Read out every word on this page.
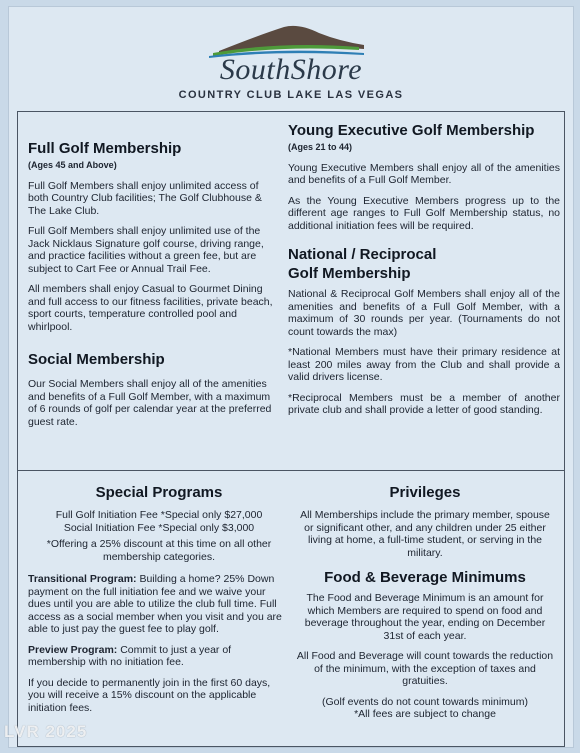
SouthShore
COUNTRY CLUB LAKE LAS VEGAS
Full Golf Membership
(Ages 45 and Above)

Full Golf Members shall enjoy unlimited access of both Country Club facilities; The Golf Clubhouse & The Lake Club.

Full Golf Members shall enjoy unlimited use of the Jack Nicklaus Signature golf course, driving range, and practice facilities without a green fee, but are subject to Cart Fee or Annual Trail Fee.

All members shall enjoy Casual to Gourmet Dining and full access to our fitness facilities, private beach, sport courts, temperature controlled pool and whirlpool.

Social Membership

Our Social Members shall enjoy all of the amenities and benefits of a Full Golf Member, with a maximum of 6 rounds of golf per calendar year at the preferred guest rate.

Young Executive Golf Membership
(Ages 21 to 44)

Young Executive Members shall enjoy all of the amenities and benefits of a Full Golf Member.

As the Young Executive Members progress up to the different age ranges to Full Golf Membership status, no additional initiation fees will be required.

National / Reciprocal
Golf Membership

National & Reciprocal Golf Members shall enjoy all of the amenities and benefits of a Full Golf Member, with a maximum of 30 rounds per year. (Tournaments do not count towards the max)

*National Members must have their primary residence at least 200 miles away from the Club and shall provide a valid drivers license.

*Reciprocal Members must be a member of another private club and shall provide a letter of good standing.

Special Programs
Full Golf Initiation Fee *Special only $27,000
Social Initiation Fee *Special only $3,000

*Offering a 25% discount at this time on all other membership categories.

Transitional Program: Building a home? 25% Down payment on the full initiation fee and we waive your dues until you are able to utilize the club full time. Full access as a social member when you visit and you are able to just pay the guest fee to play golf.

Preview Program: Commit to just a year of membership with no initiation fee.

If you decide to permanently join in the first 60 days, you will receive a 15% discount on the applicable initiation fees.

Privileges

All Memberships include the primary member, spouse or significant other, and any children under 25 either living at home, a full-time student, or serving in the military.

Food & Beverage Minimums

The Food and Beverage Minimum is an amount for which Members are required to spend on food and beverage throughout the year, ending on December 31st of each year.

All Food and Beverage will count towards the reduction of the minimum, with the exception of taxes and gratuities.

(Golf events do not count towards minimum)

*All fees are subject to change

LVR 2025
